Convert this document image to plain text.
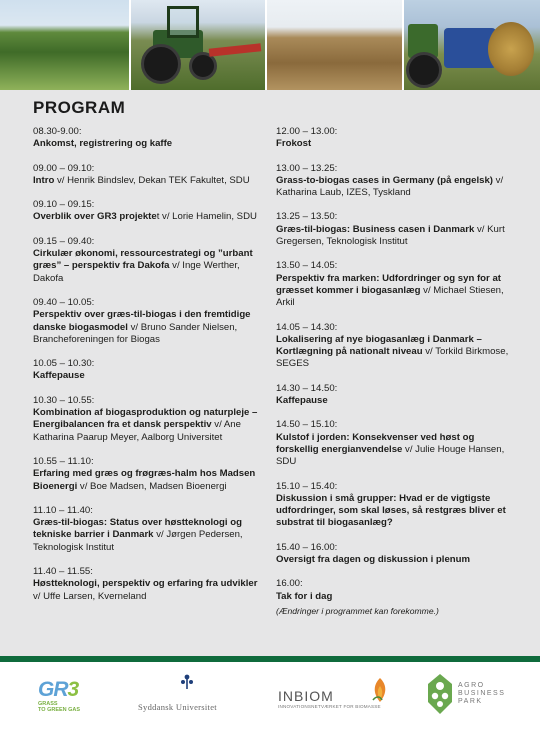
PROGRAM
08.30-9.00:
Ankomst, registrering og kaffe
09.00 – 09.10:
Intro v/ Henrik Bindslev, Dekan TEK Fakultet, SDU
09.10 – 09.15:
Overblik over GR3 projektet v/ Lorie Hamelin, SDU
09.15 – 09.40:
Cirkulær økonomi, ressourcestrategi og ”urbant græs” – perspektiv fra Dakofa v/ Inge Werther, Dakofa
09.40 – 10.05:
Perspektiv over græs-til-biogas i den fremtidige danske biogasmodel v/ Bruno Sander Nielsen, Brancheforeningen for Biogas
10.05 – 10.30:
Kaffepause
10.30 – 10.55:
Kombination af biogasproduktion og naturpleje – Energibalancen fra et dansk perspektiv v/ Ane Katharina Paarup Meyer, Aalborg Universitet
10.55 – 11.10:
Erfaring med græs og frøgræs-halm hos Madsen Bioenergi v/ Boe Madsen, Madsen Bioenergi
11.10 – 11.40:
Græs-til-biogas: Status over høstteknologi og tekniske barrier i Danmark v/ Jørgen Pedersen, Teknologisk Institut
11.40 – 11.55:
Høstteknologi, perspektiv og erfaring fra udvikler v/ Uffe Larsen, Kverneland
12.00 – 13.00:
Frokost
13.00 – 13.25:
Grass-to-biogas cases in Germany (på engelsk) v/ Katharina Laub, IZES, Tyskland
13.25 – 13.50:
Græs-til-biogas: Business casen i Danmark v/ Kurt Gregersen, Teknologisk Institut
13.50 – 14.05:
Perspektiv fra marken: Udfordringer og syn for at græsset kommer i biogasanlæg v/ Michael Stiesen, Arkil
14.05 – 14.30:
Lokalisering af nye biogasanlæg i Danmark – Kortlægning på nationalt niveau v/ Torkild Birkmose, SEGES
14.30 – 14.50:
Kaffepause
14.50 – 15.10:
Kulstof i jorden: Konsekvenser ved høst og forskellig energianvendelse v/ Julie Houge Hansen, SDU
15.10 – 15.40:
Diskussion i små grupper: Hvad er de vigtigste udfordringer, som skal løses, så restgræs bliver et substrat til biogasanlæg?
15.40 – 16.00:
Oversigt fra dagen og diskussion i plenum
16.00:
Tak for i dag
(Ændringer i programmet kan forekomme.)
GR3
GRASS
TO GREEN GAS	Syddansk Universitet
INBIOM
INNOVATIONSNETVÆRKET FOR BIOMASSE
AGRO
BUSINESS
PARK
